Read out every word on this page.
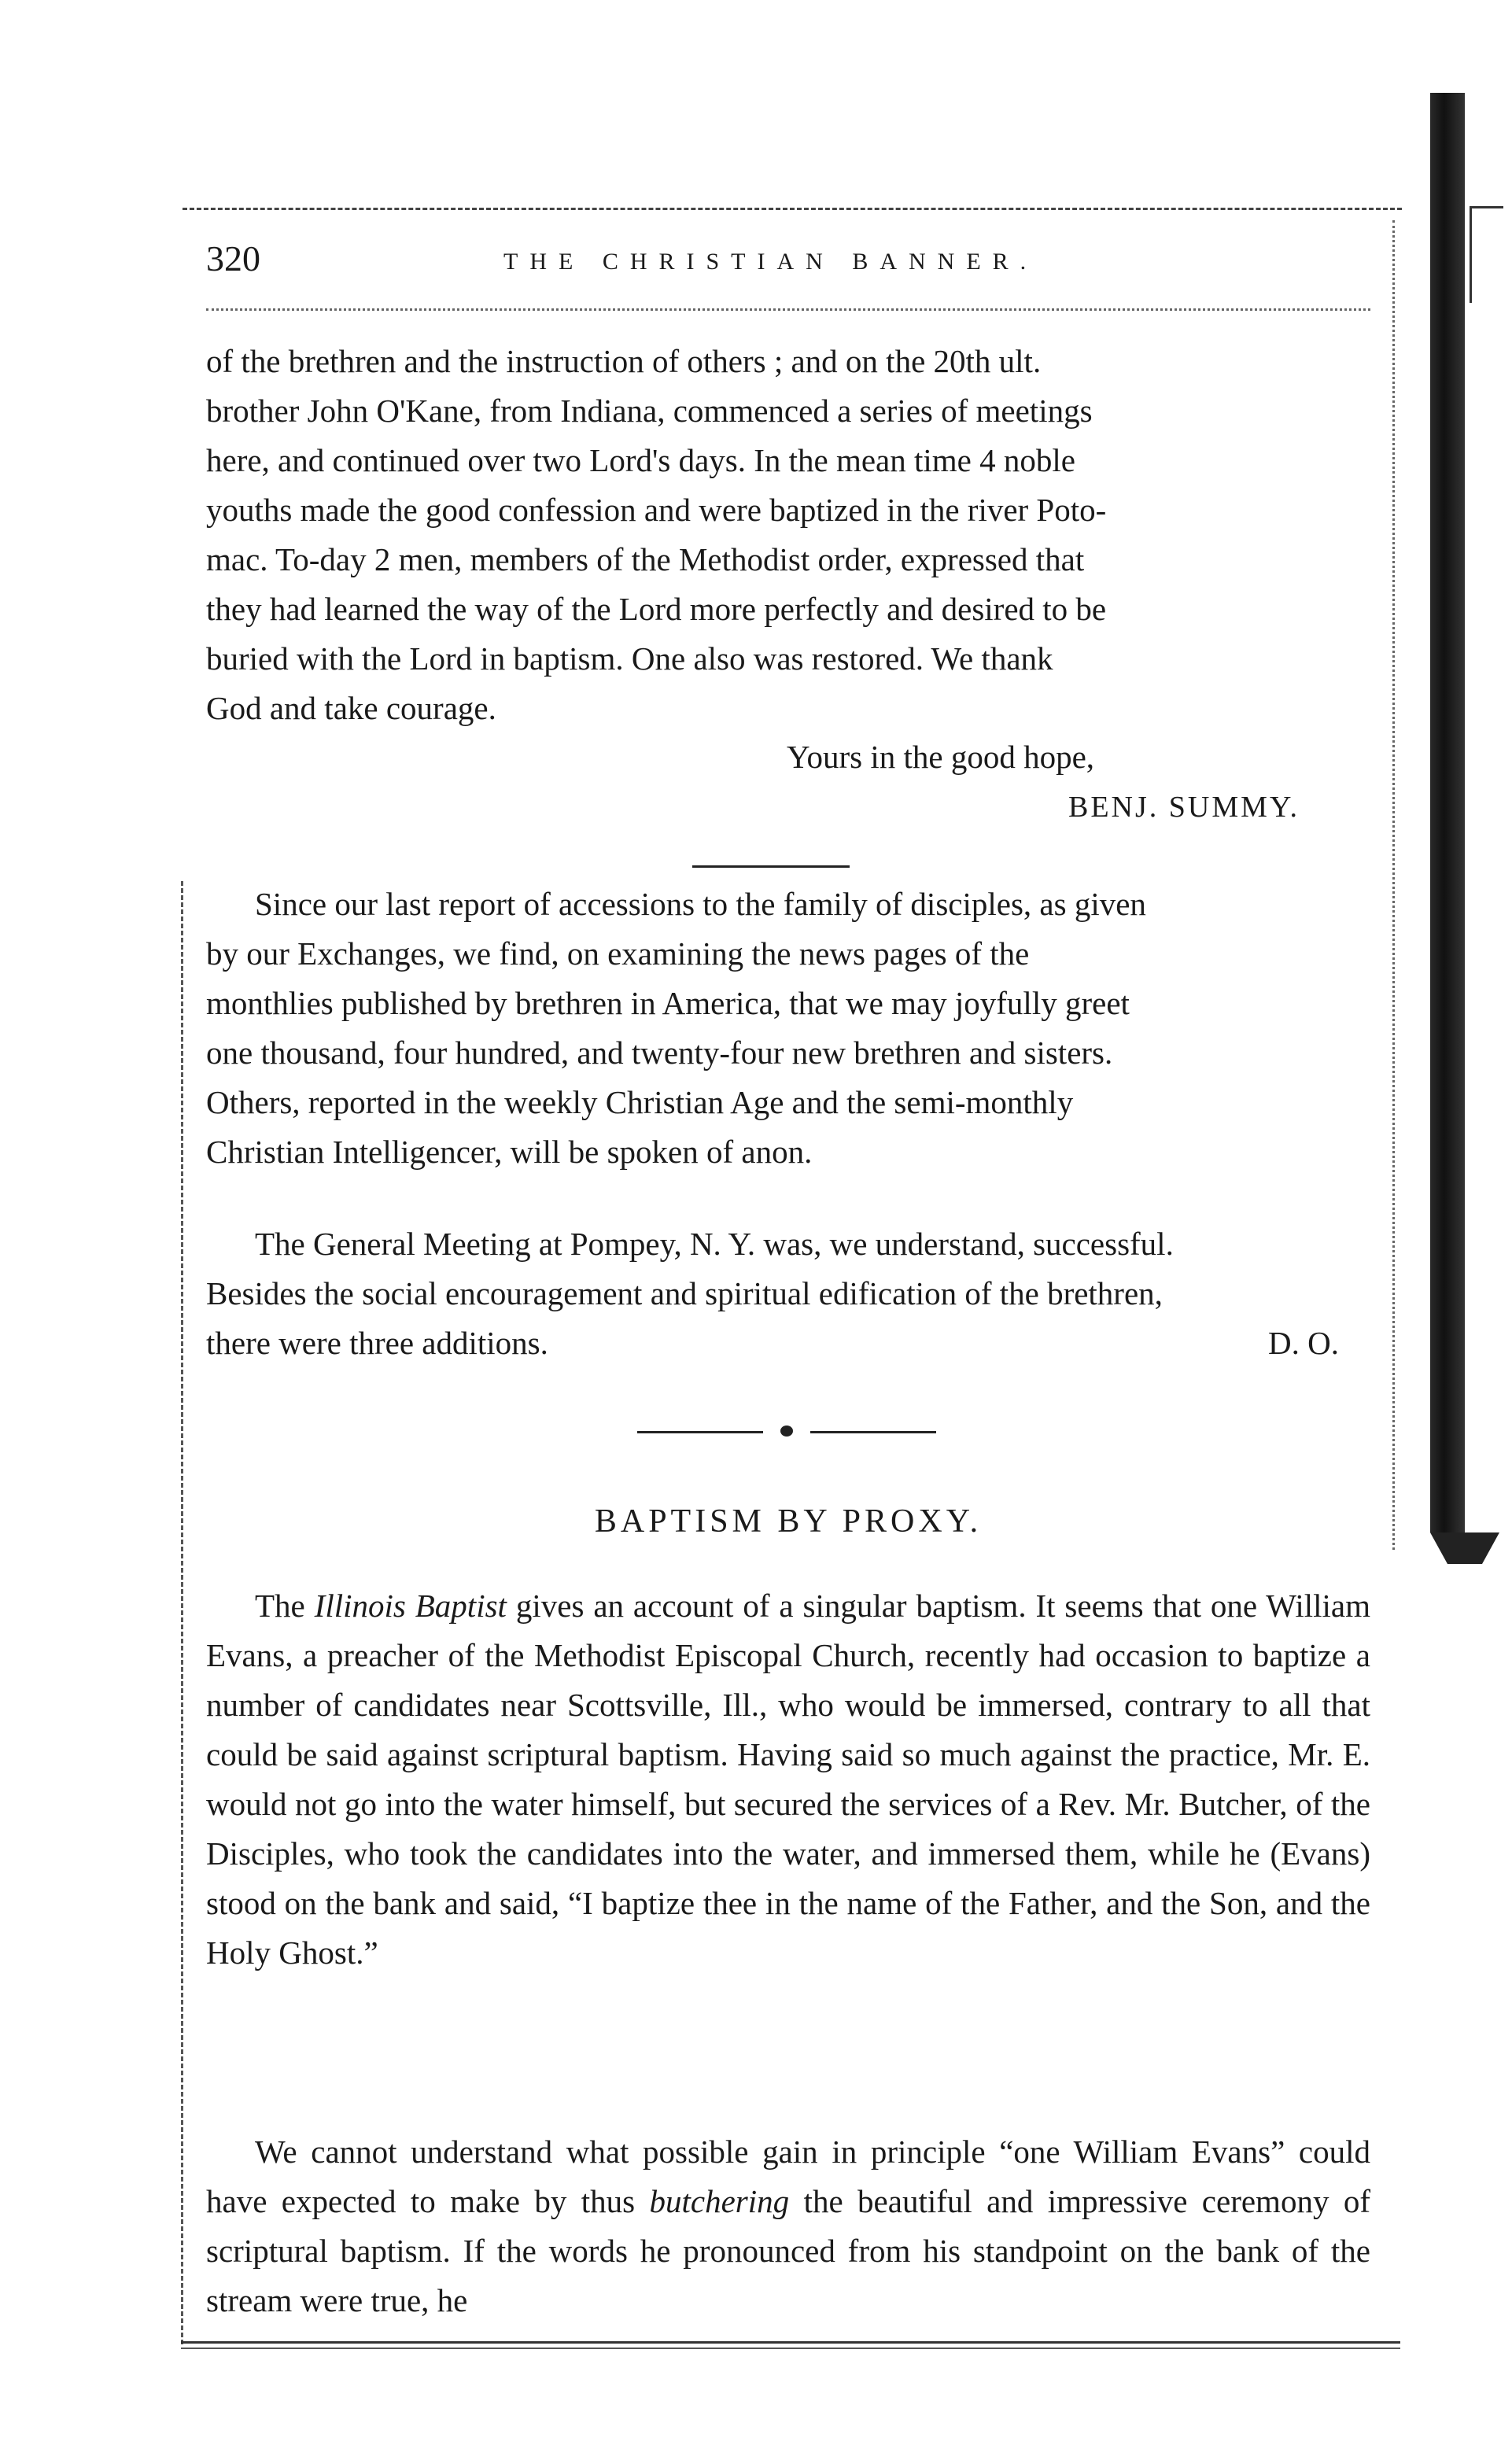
320	THE CHRISTIAN BANNER.

of the brethren and the instruction of others ; and on the 20th ult.

brother John O'Kane, from Indiana, commenced a series of meetings

here, and continued over two Lord's days. In the mean time 4 noble

youths made the good confession and were baptized in the river Poto-

mac. To-day 2 men, members of the Methodist order, expressed that

they had learned the way of the Lord more perfectly and desired to be

buried with the Lord in baptism. One also was restored. We thank

God and take courage.

Yours in the good hope,
BENJ. SUMMY.

Since our last report of accessions to the family of disciples, as given

by our Exchanges, we find, on examining the news pages of the

monthlies published by brethren in America, that we may joyfully greet

one thousand, four hundred, and twenty-four new brethren and sisters.

Others, reported in the weekly Christian Age and the semi-monthly

Christian Intelligencer, will be spoken of anon.

The General Meeting at Pompey, N. Y. was, we understand, successful.

Besides the social encouragement and spiritual edification of the brethren,

there were three additions.	D. O.

BAPTISM BY PROXY.

The Illinois Baptist gives an account of a singular baptism. It seems that one William Evans, a preacher of the Methodist Episcopal Church, recently had occasion to baptize a number of candidates near Scottsville, Ill., who would be immersed, contrary to all that could be said against scriptural baptism. Having said so much against the practice, Mr. E. would not go into the water himself, but secured the services of a Rev. Mr. Butcher, of the Disciples, who took the candidates into the water, and immersed them, while he (Evans) stood on the bank and said, “I baptize thee in the name of the Father, and the Son, and the Holy Ghost.”

We cannot understand what possible gain in principle “one William Evans” could have expected to make by thus butchering the beautiful and impressive ceremony of scriptural baptism. If the words he pronounced from his standpoint on the bank of the stream were true, he
